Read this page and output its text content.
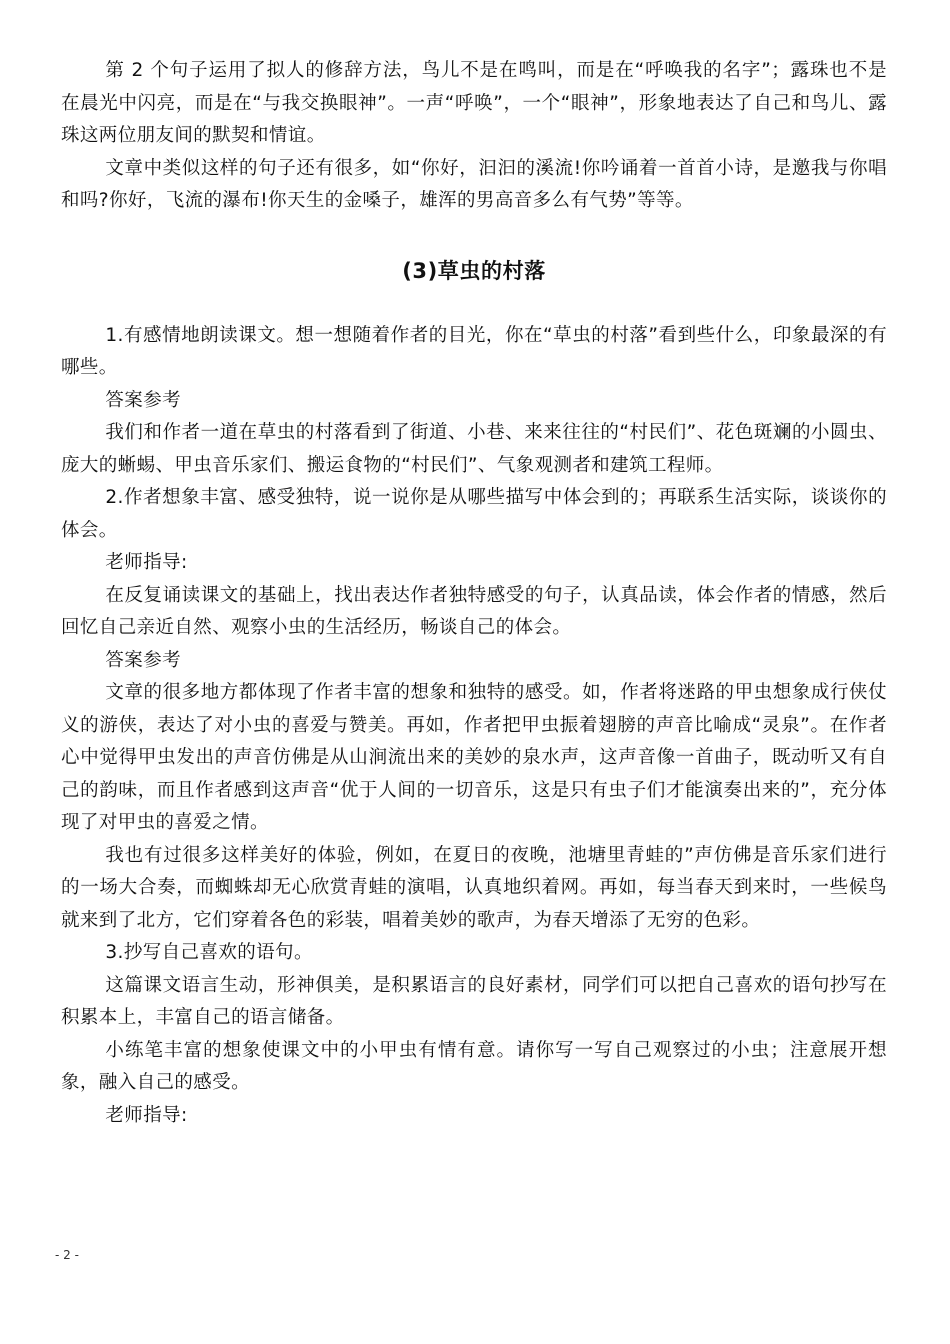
第 2 个句子运用了拟人的修辞方法，鸟儿不是在鸣叫，而是在“呼唤我的名字”；露珠也不是在晨光中闪亮，而是在“与我交换眼神”。一声“呼唤”，一个“眼神”，形象地表达了自己和鸟儿、露珠这两位朋友间的默契和情谊。

文章中类似这样的句子还有很多，如“你好，汩汩的溪流!你吟诵着一首首小诗，是邀我与你唱和吗?你好，飞流的瀑布!你天生的金嗓子，雄浑的男高音多么有气势”等等。

(3)草虫的村落

1.有感情地朗读课文。想一想随着作者的目光，你在“草虫的村落”看到些什么，印象最深的有哪些。

答案参考

我们和作者一道在草虫的村落看到了街道、小巷、来来往往的“村民们”、花色斑斓的小圆虫、庞大的蜥蜴、甲虫音乐家们、搬运食物的“村民们”、气象观测者和建筑工程师。

2.作者想象丰富、感受独特，说一说你是从哪些描写中体会到的；再联系生活实际，谈谈你的体会。

老师指导:

在反复诵读课文的基础上，找出表达作者独特感受的句子，认真品读，体会作者的情感，然后回忆自己亲近自然、观察小虫的生活经历，畅谈自己的体会。

答案参考

文章的很多地方都体现了作者丰富的想象和独特的感受。如，作者将迷路的甲虫想象成行侠仗义的游侠，表达了对小虫的喜爱与赞美。再如，作者把甲虫振着翅膀的声音比喻成“灵泉”。在作者心中觉得甲虫发出的声音仿佛是从山涧流出来的美妙的泉水声，这声音像一首曲子，既动听又有自己的韵味，而且作者感到这声音“优于人间的一切音乐，这是只有虫子们才能演奏出来的”，充分体现了对甲虫的喜爱之情。

我也有过很多这样美好的体验，例如，在夏日的夜晚，池塘里青蛙的”声仿佛是音乐家们进行的一场大合奏，而蜘蛛却无心欣赏青蛙的演唱，认真地织着网。再如，每当春天到来时，一些候鸟就来到了北方，它们穿着各色的彩装，唱着美妙的歌声，为春天增添了无穷的色彩。

3.抄写自己喜欢的语句。

这篇课文语言生动，形神俱美，是积累语言的良好素材，同学们可以把自己喜欢的语句抄写在积累本上，丰富自己的语言储备。

小练笔丰富的想象使课文中的小甲虫有情有意。请你写一写自己观察过的小虫；注意展开想象，融入自己的感受。

老师指导:

- 2 -
